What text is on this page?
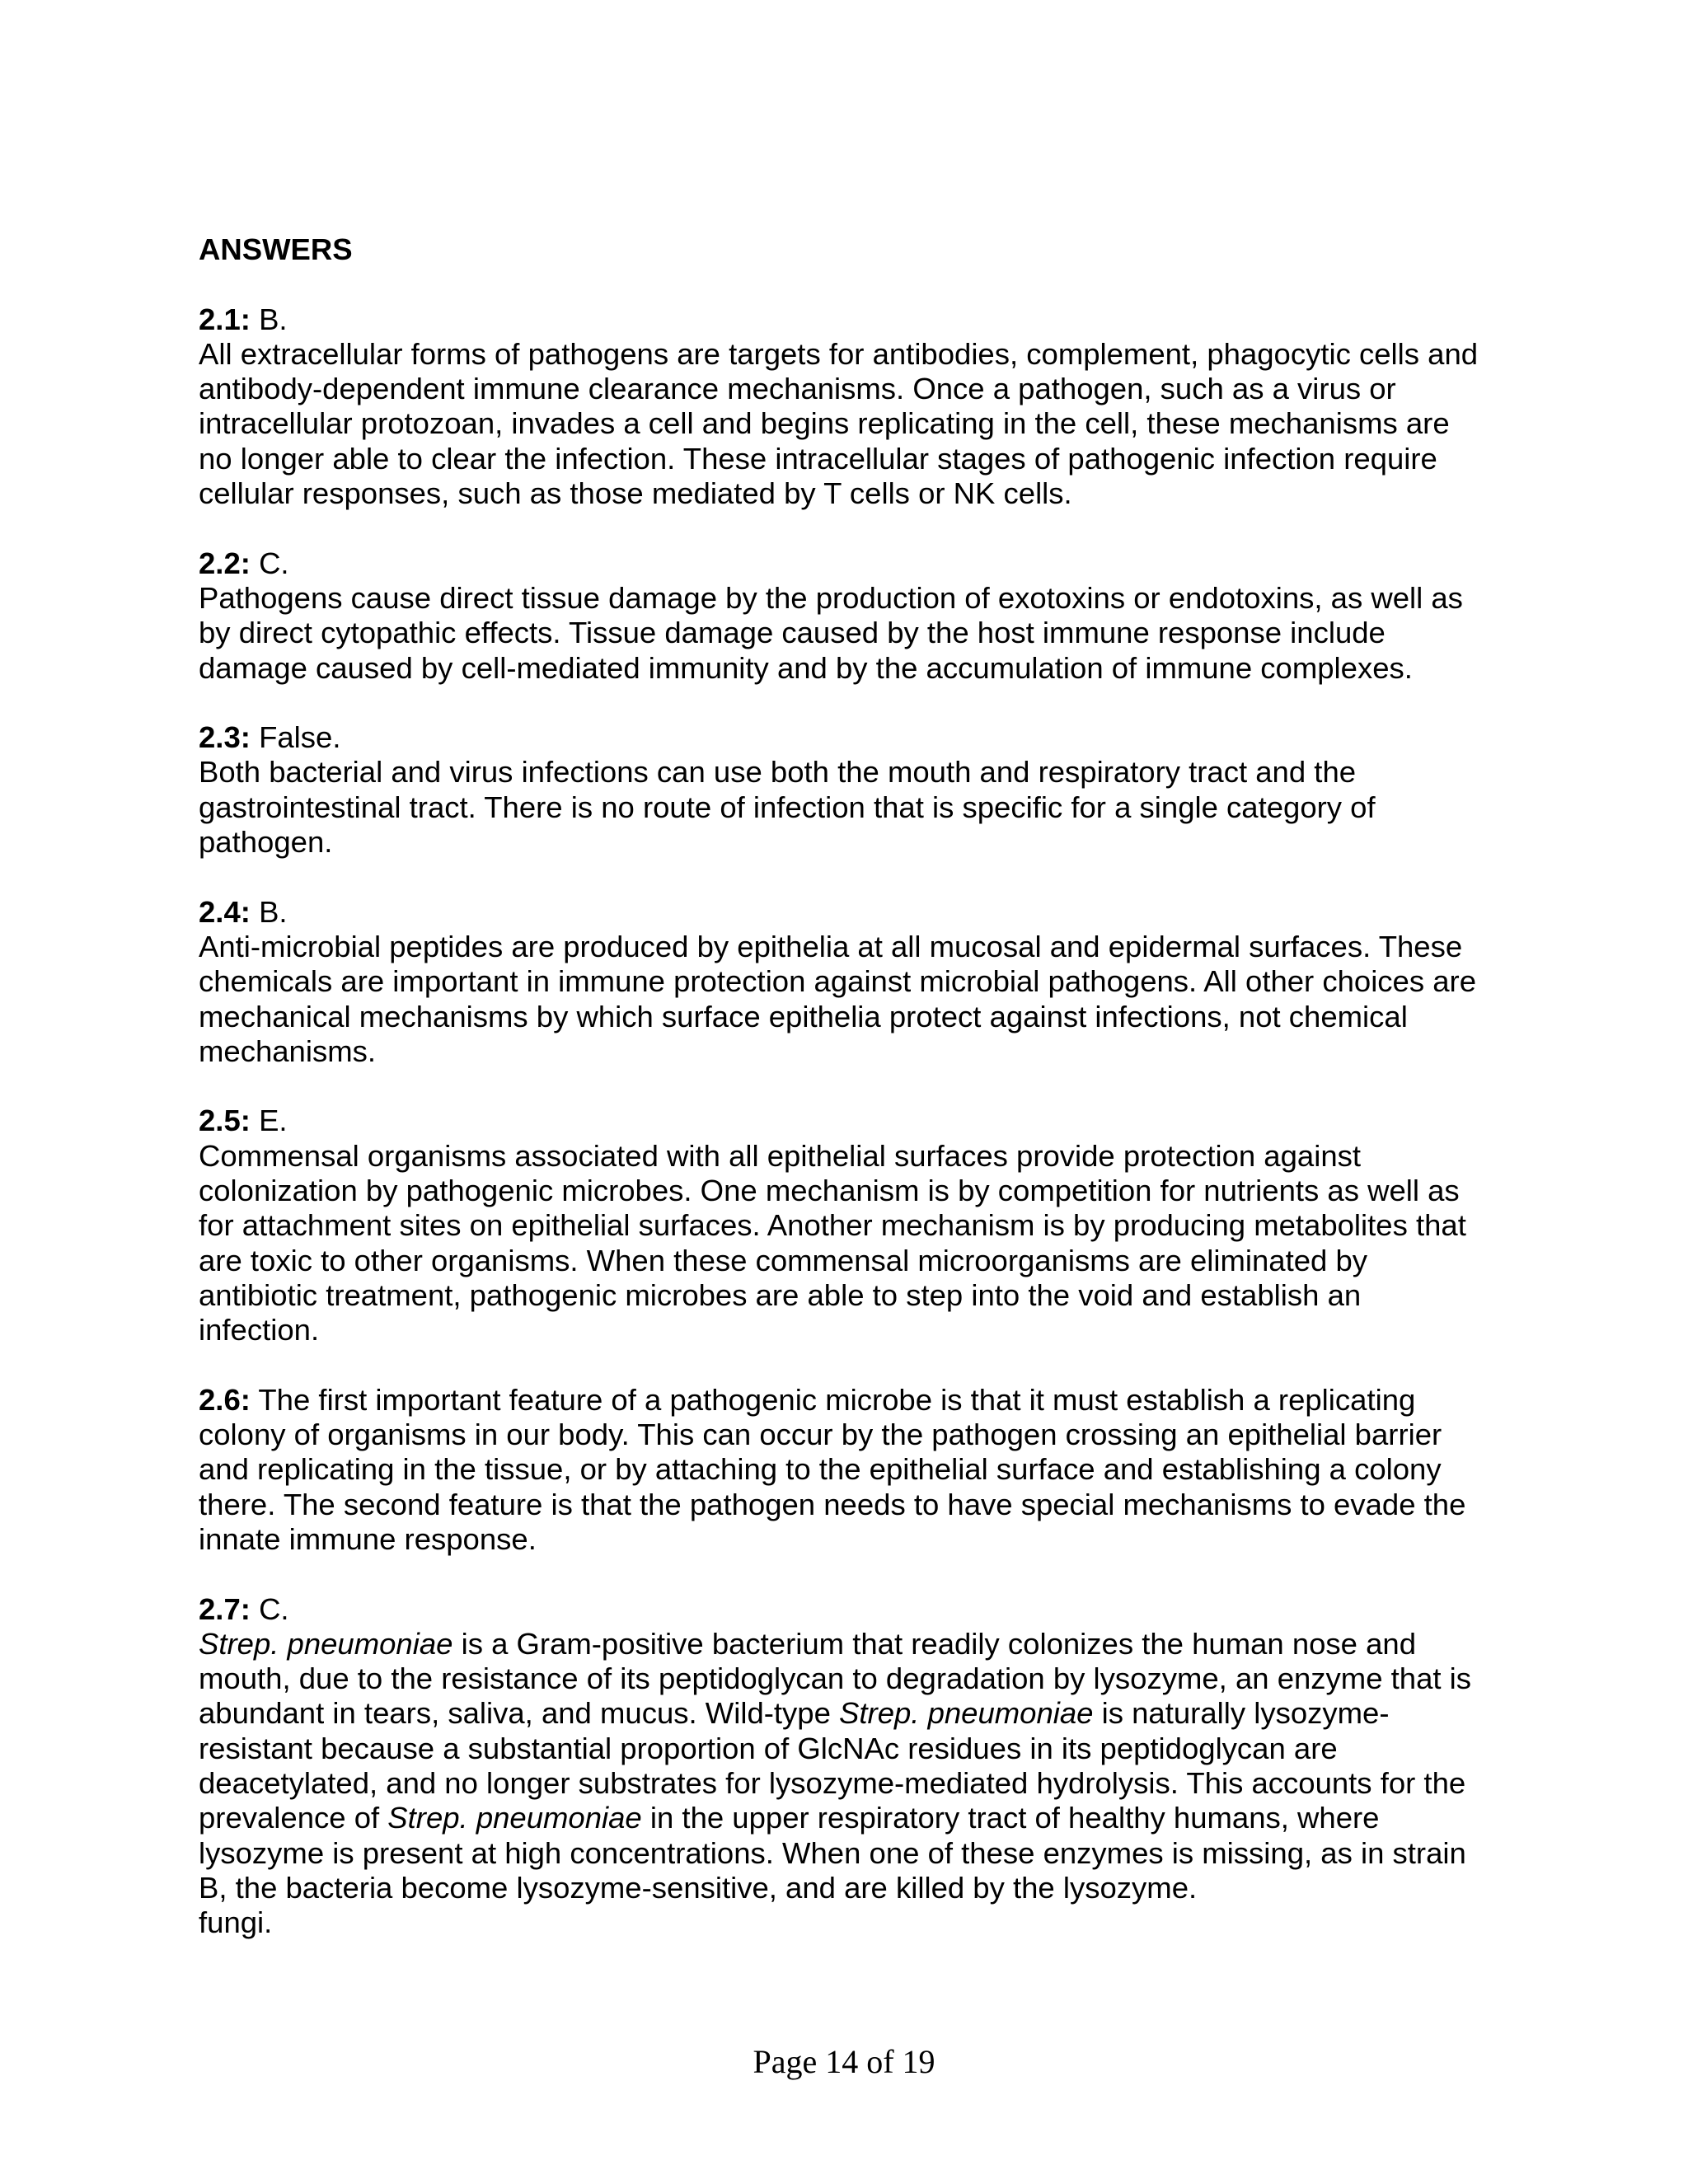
ANSWERS

2.1: B.

All extracellular forms of pathogens are targets for antibodies, complement, phagocytic cells and

antibody-dependent immune clearance mechanisms. Once a pathogen, such as a virus or

intracellular protozoan, invades a cell and begins replicating in the cell, these mechanisms are

no longer able to clear the infection. These intracellular stages of pathogenic infection require

cellular responses, such as those mediated by T cells or NK cells.

2.2: C.

Pathogens cause direct tissue damage by the production of exotoxins or endotoxins, as well as

by direct cytopathic effects. Tissue damage caused by the host immune response include

damage caused by cell-mediated immunity and by the accumulation of immune complexes.

2.3: False.

Both bacterial and virus infections can use both the mouth and respiratory tract and the

gastrointestinal tract. There is no route of infection that is specific for a single category of

pathogen.

2.4: B.

Anti-microbial peptides are produced by epithelia at all mucosal and epidermal surfaces. These

chemicals are important in immune protection against microbial pathogens. All other choices are

mechanical mechanisms by which surface epithelia protect against infections, not chemical

mechanisms.

2.5: E.

Commensal organisms associated with all epithelial surfaces provide protection against

colonization by pathogenic microbes. One mechanism is by competition for nutrients as well as

for attachment sites on epithelial surfaces. Another mechanism is by producing metabolites that

are toxic to other organisms. When these commensal microorganisms are eliminated by

antibiotic treatment, pathogenic microbes are able to step into the void and establish an

infection.

2.6: The first important feature of a pathogenic microbe is that it must establish a replicating

colony of organisms in our body. This can occur by the pathogen crossing an epithelial barrier

and replicating in the tissue, or by attaching to the epithelial surface and establishing a colony

there. The second feature is that the pathogen needs to have special mechanisms to evade the

innate immune response.

2.7: C.

Strep. pneumoniae is a Gram-positive bacterium that readily colonizes the human nose and

mouth, due to the resistance of its peptidoglycan to degradation by lysozyme, an enzyme that is

abundant in tears, saliva, and mucus. Wild-type Strep. pneumoniae is naturally lysozyme-

resistant because a substantial proportion of GlcNAc residues in its peptidoglycan are

deacetylated, and no longer substrates for lysozyme-mediated hydrolysis. This accounts for the

prevalence of Strep. pneumoniae in the upper respiratory tract of healthy humans, where

lysozyme is present at high concentrations. When one of these enzymes is missing, as in strain

B, the bacteria become lysozyme-sensitive, and are killed by the lysozyme.

fungi.

Page 14 of 19
